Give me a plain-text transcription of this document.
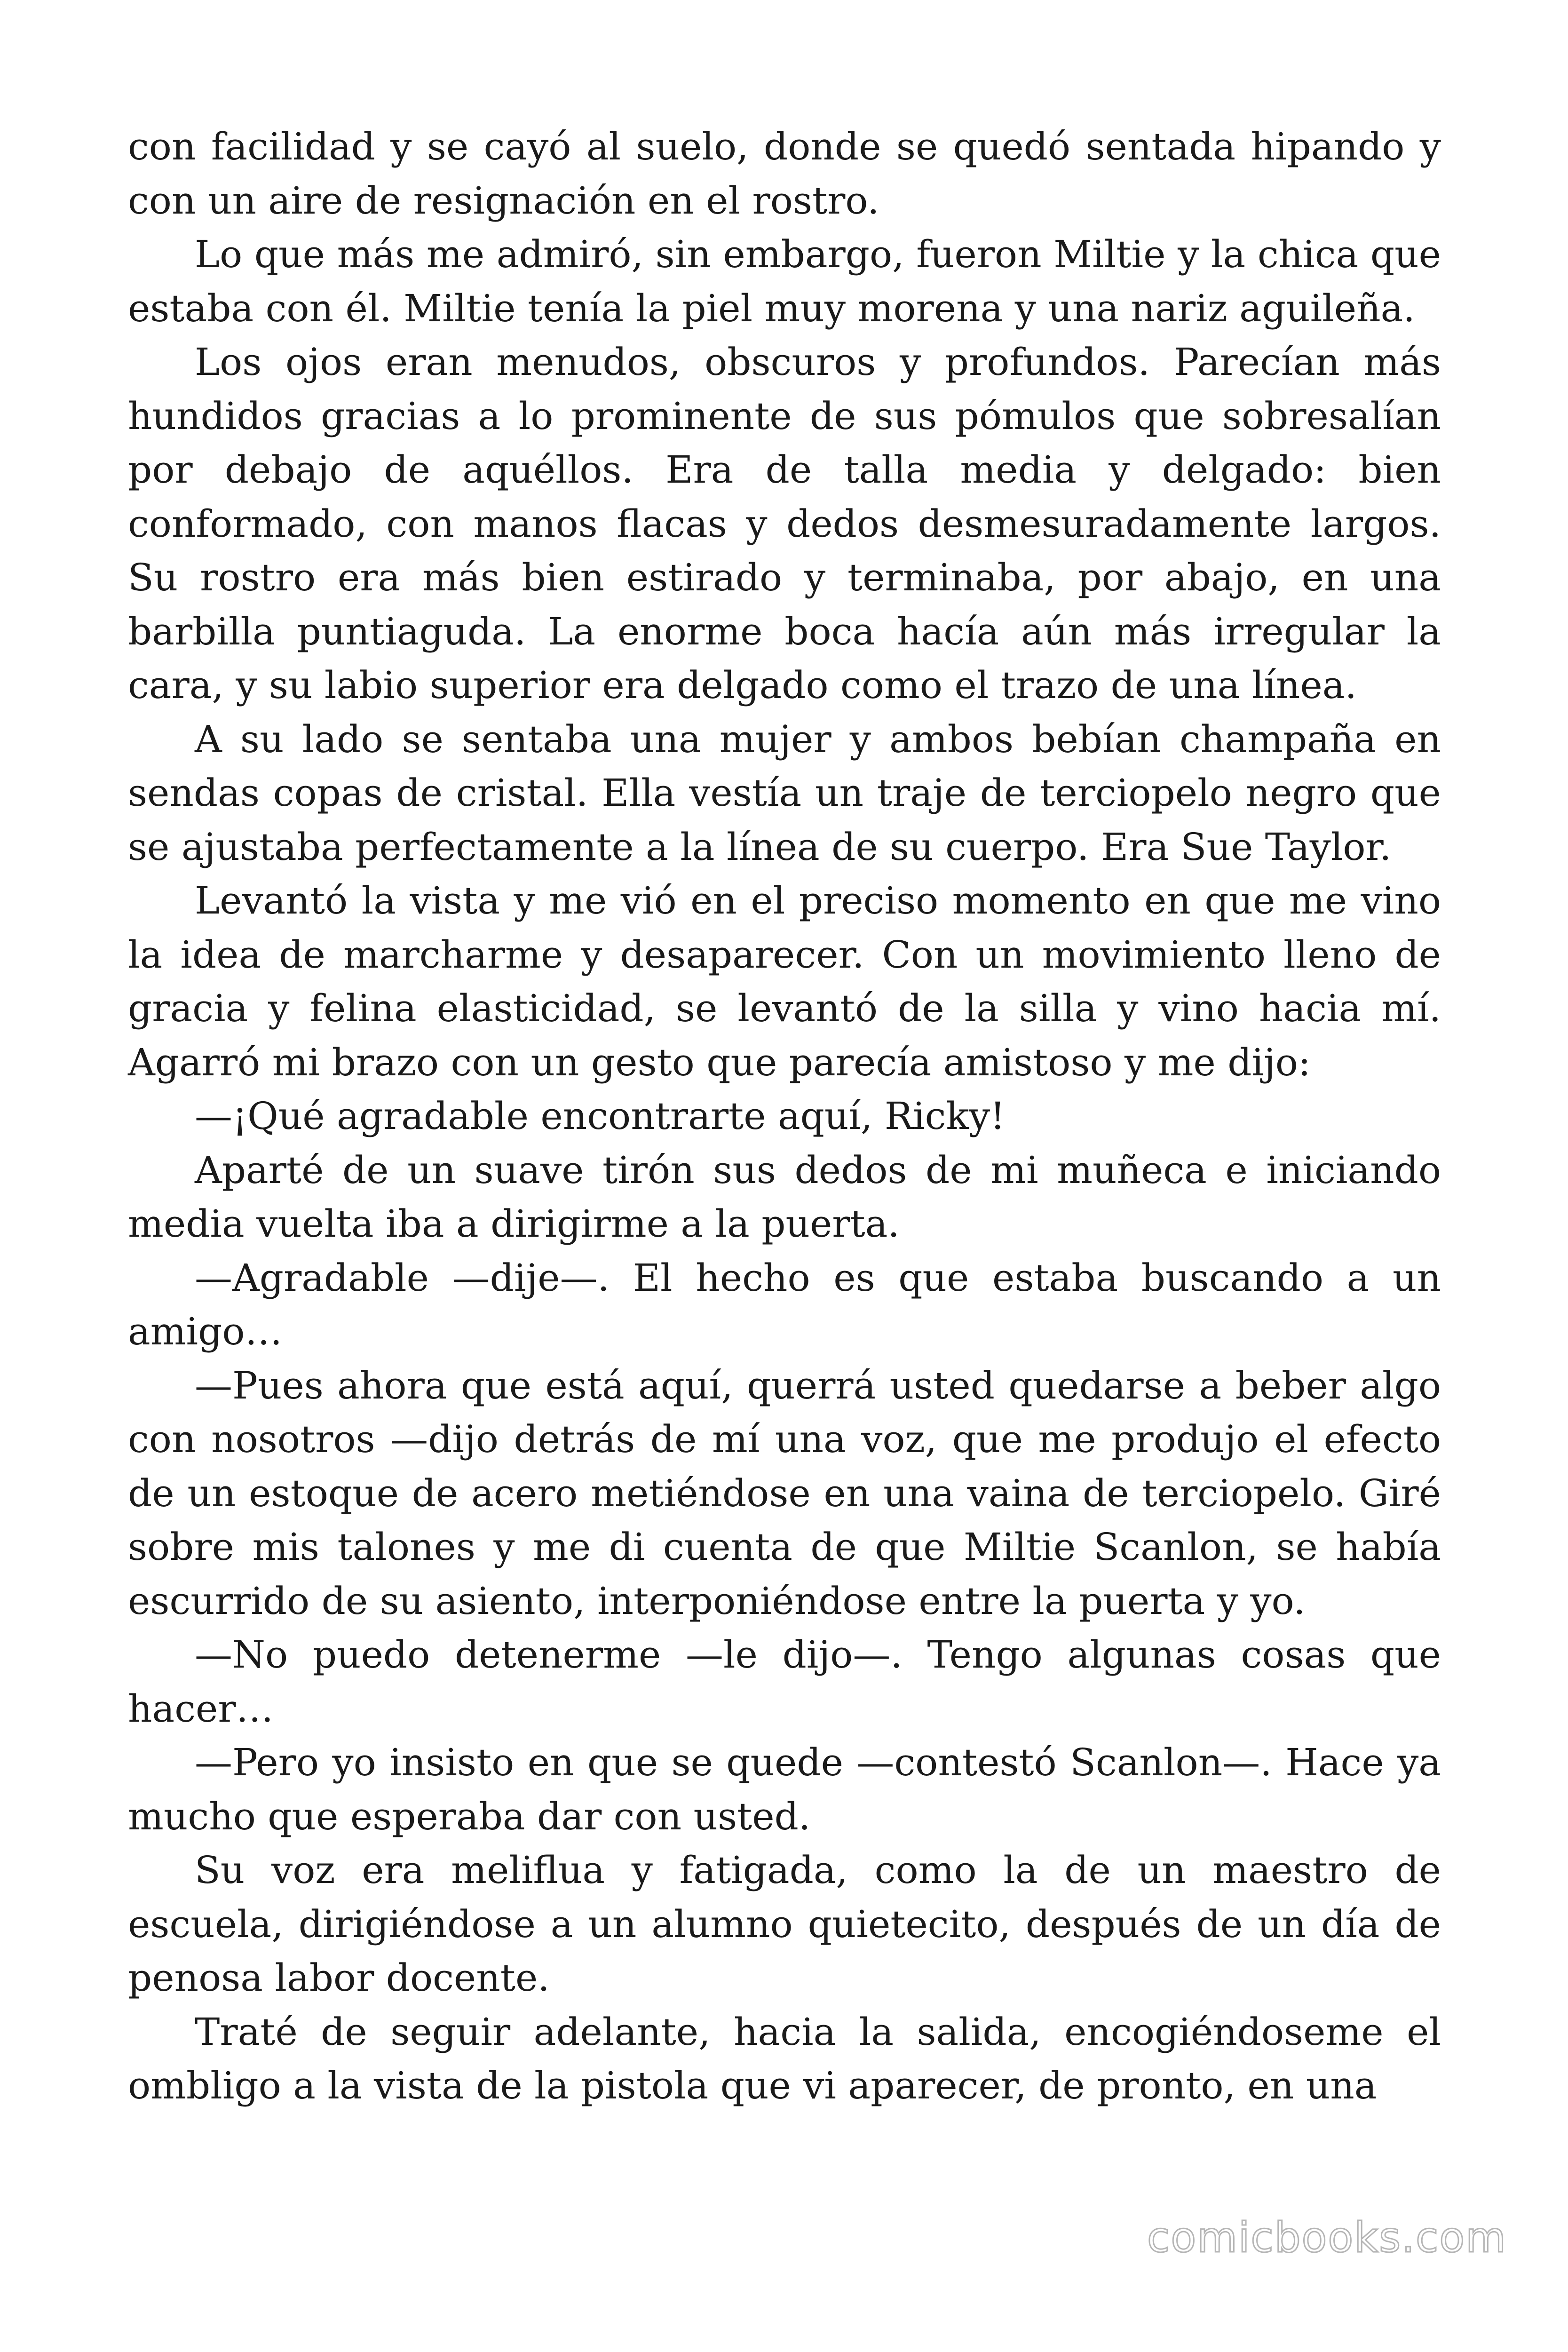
con facilidad y se cayó al suelo, donde se quedó sentada hipando y con un aire de resignación en el rostro.

Lo que más me admiró, sin embargo, fueron Miltie y la chica que estaba con él. Miltie tenía la piel muy morena y una nariz aguileña.

Los ojos eran menudos, obscuros y profundos. Parecían más hundidos gracias a lo prominente de sus pómulos que sobresalían por debajo de aquéllos. Era de talla media y delgado: bien conformado, con manos flacas y dedos desmesuradamente largos. Su rostro era más bien estirado y terminaba, por abajo, en una barbilla puntiaguda. La enorme boca hacía aún más irregular la cara, y su labio superior era delgado como el trazo de una línea.

A su lado se sentaba una mujer y ambos bebían champaña en sendas copas de cristal. Ella vestía un traje de terciopelo negro que se ajustaba perfectamente a la línea de su cuerpo. Era Sue Taylor.

Levantó la vista y me vió en el preciso momento en que me vino la idea de marcharme y desaparecer. Con un movimiento lleno de gracia y felina elasticidad, se levantó de la silla y vino hacia mí. Agarró mi brazo con un gesto que parecía amistoso y me dijo:

—¡Qué agradable encontrarte aquí, Ricky!

Aparté de un suave tirón sus dedos de mi muñeca e iniciando media vuelta iba a dirigirme a la puerta.

—Agradable —dije—. El hecho es que estaba buscando a un amigo…

—Pues ahora que está aquí, querrá usted quedarse a beber algo con nosotros —dijo detrás de mí una voz, que me produjo el efecto de un estoque de acero metiéndose en una vaina de terciopelo. Giré sobre mis talones y me di cuenta de que Miltie Scanlon, se había escurrido de su asiento, interponiéndose entre la puerta y yo.

—No puedo detenerme —le dijo—. Tengo algunas cosas que hacer…

—Pero yo insisto en que se quede —contestó Scanlon—. Hace ya mucho que esperaba dar con usted.

Su voz era meliflua y fatigada, como la de un maestro de escuela, dirigiéndose a un alumno quietecito, después de un día de penosa labor docente.

Traté de seguir adelante, hacia la salida, encogiéndoseme el ombligo a la vista de la pistola que vi aparecer, de pronto, en una

comicbooks.com
